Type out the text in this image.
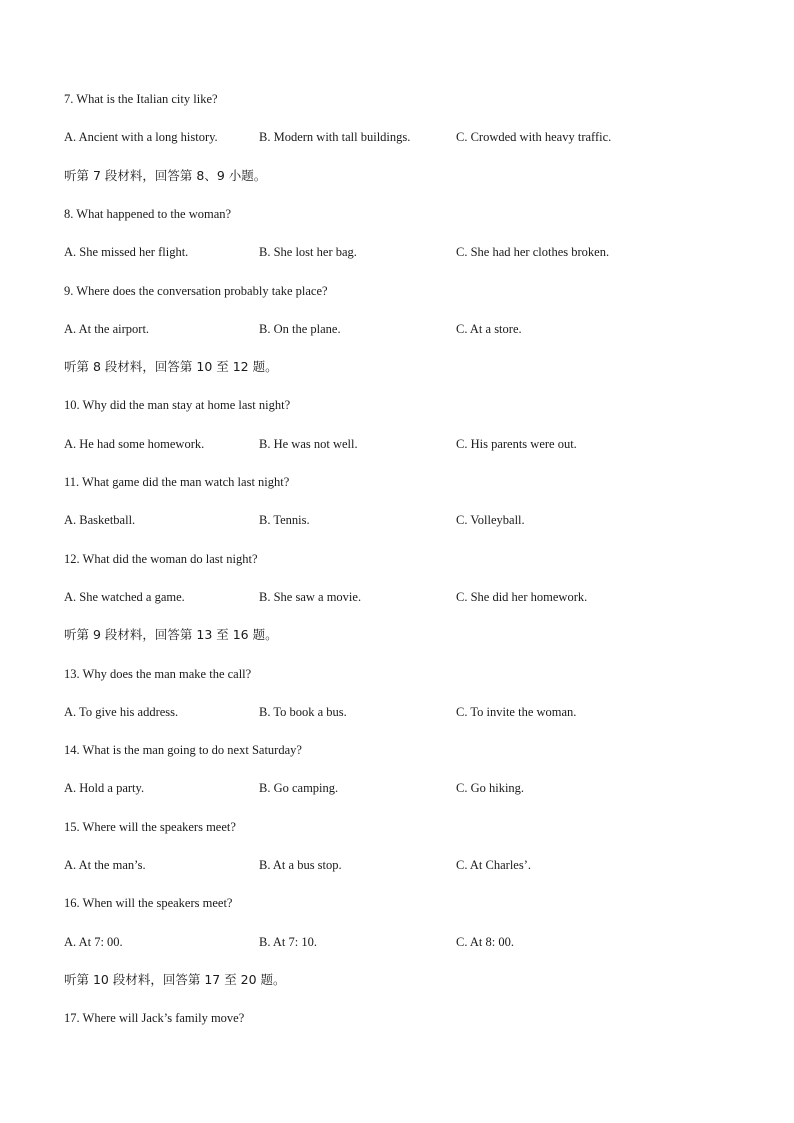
7. What is the Italian city like?
A. Ancient with a long history.	B. Modern with tall buildings.	C. Crowded with heavy traffic.
听第 7 段材料，回答第 8、9 小题。
8. What happened to the woman?
A. She missed her flight.	B. She lost her bag.	C. She had her clothes broken.
9. Where does the conversation probably take place?
A. At the airport.	B. On the plane.	C. At a store.
听第 8 段材料，回答第 10 至 12 题。
10. Why did the man stay at home last night?
A. He had some homework.	B. He was not well.	C. His parents were out.
11. What game did the man watch last night?
A. Basketball.	B. Tennis.	C. Volleyball.
12. What did the woman do last night?
A. She watched a game.	B. She saw a movie.	C. She did her homework.
听第 9 段材料，回答第 13 至 16 题。
13. Why does the man make the call?
A. To give his address.	B. To book a bus.	C. To invite the woman.
14. What is the man going to do next Saturday?
A. Hold a party.	B. Go camping.	C. Go hiking.
15. Where will the speakers meet?
A. At the man’s.	B. At a bus stop.	C. At Charles’.
16. When will the speakers meet?
A. At 7: 00.	B. At 7: 10.	C. At 8: 00.
听第 10 段材料，回答第 17 至 20 题。
17. Where will Jack’s family move?
